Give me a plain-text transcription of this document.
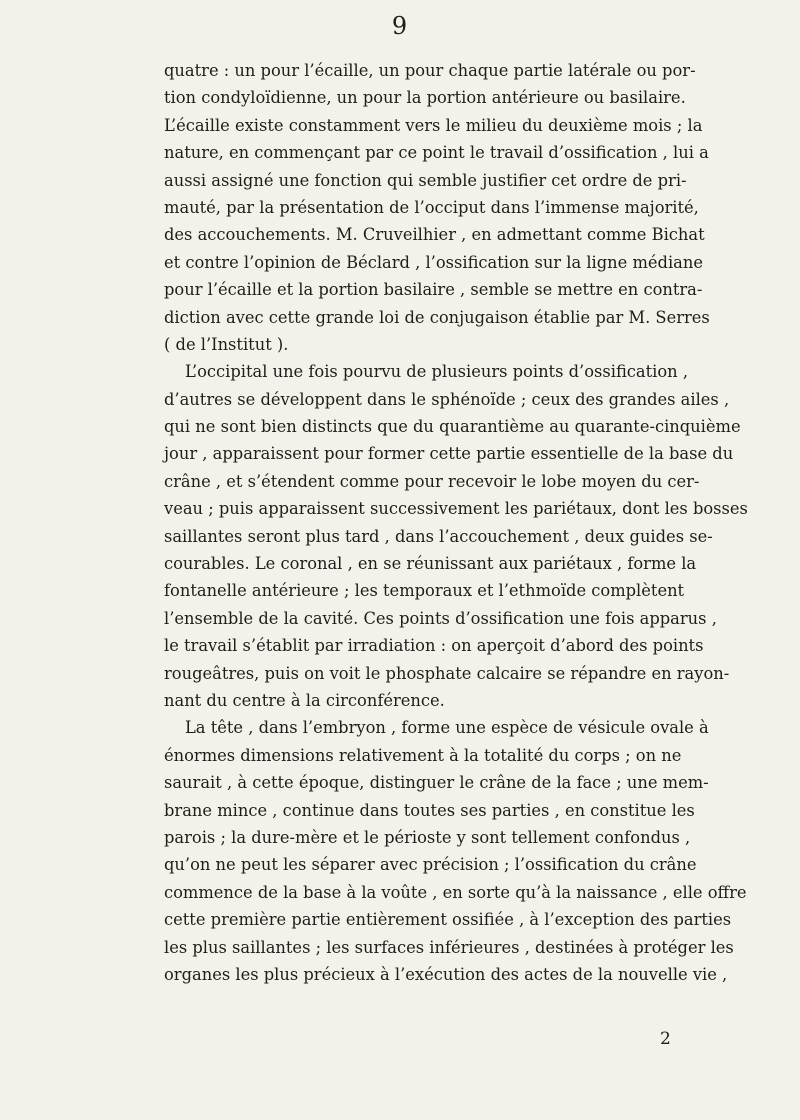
9
quatre : un pour l’écaille, un pour chaque partie latérale ou por-
tion condyloïdienne, un pour la portion antérieure ou basilaire.
L’écaille existe constamment vers le milieu du deuxième mois ; la
nature, en commençant par ce point le travail d’ossification , lui a
aussi assigné une fonction qui semble justifier cet ordre de pri-
mauté, par la présentation de l’occiput dans l’immense majorité,
des accouchements. M. Cruveilhier , en admettant comme Bichat
et contre l’opinion de Béclard , l’ossification sur la ligne médiane
pour l’écaille et la portion basilaire , semble se mettre en contra-
diction avec cette grande loi de conjugaison établie par M. Serres
( de l’Institut ).
L’occipital une fois pourvu de plusieurs points d’ossification ,
d’autres se développent dans le sphénoïde ; ceux des grandes ailes ,
qui ne sont bien distincts que du quarantième au quarante-cinquième
jour , apparaissent pour former cette partie essentielle de la base du
crâne , et s’étendent comme pour recevoir le lobe moyen du cer-
veau ; puis apparaissent successivement les pariétaux, dont les bosses
saillantes seront plus tard , dans l’accouchement , deux guides se-
courables. Le coronal , en se réunissant aux pariétaux , forme la
fontanelle antérieure ; les temporaux et l’ethmoïde complètent
l’ensemble de la cavité. Ces points d’ossification une fois apparus ,
le travail s’établit par irradiation : on aperçoit d’abord des points
rougeâtres, puis on voit le phosphate calcaire se répandre en rayon-
nant du centre à la circonférence.
La tête , dans l’embryon , forme une espèce de vésicule ovale à
énormes dimensions relativement à la totalité du corps ; on ne
saurait , à cette époque, distinguer le crâne de la face ; une mem-
brane mince , continue dans toutes ses parties , en constitue les
parois ; la dure-mère et le périoste y sont tellement confondus ,
qu’on ne peut les séparer avec précision ; l’ossification du crâne
commence de la base à la voûte , en sorte qu’à la naissance , elle offre
cette première partie entièrement ossifiée , à l’exception des parties
les plus saillantes ; les surfaces inférieures , destinées à protéger les
organes les plus précieux à l’exécution des actes de la nouvelle vie ,
2
